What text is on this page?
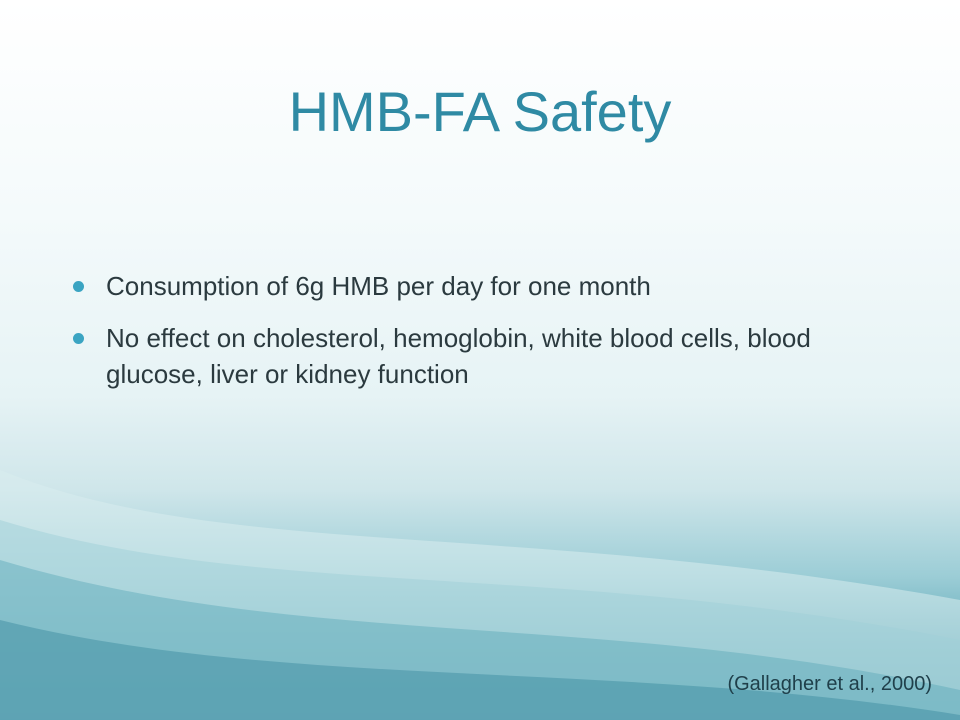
HMB-FA Safety
Consumption of 6g HMB per day for one month
No effect on cholesterol, hemoglobin, white blood cells, blood glucose, liver or kidney function
(Gallagher et al., 2000)
